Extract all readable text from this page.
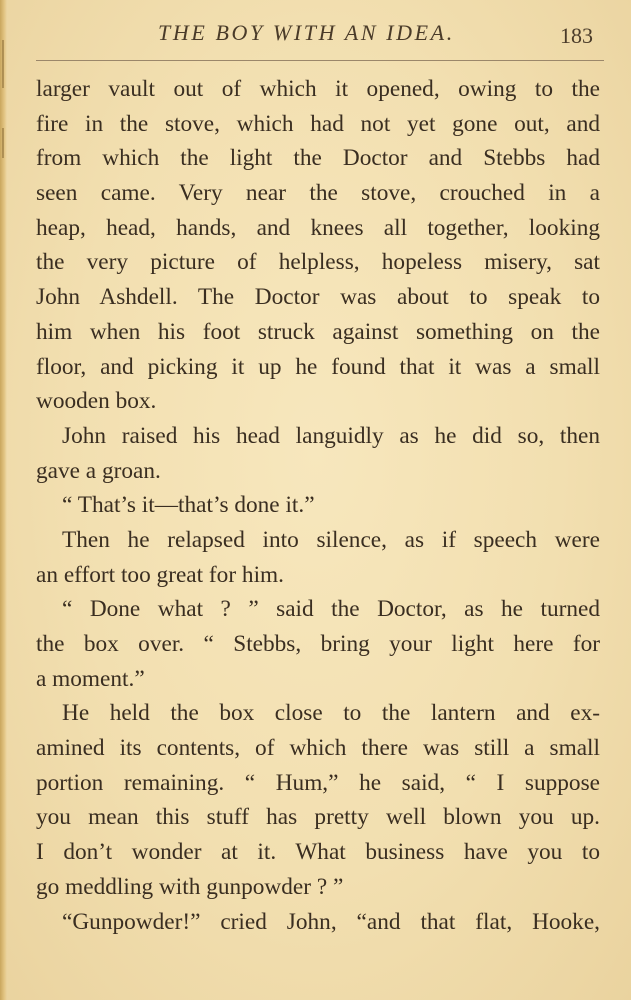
THE BOY WITH AN IDEA.	183
larger vault out of which it opened, owing to the
fire in the stove, which had not yet gone out, and
from which the light the Doctor and Stebbs had
seen came. Very near the stove, crouched in a
heap, head, hands, and knees all together, looking
the very picture of helpless, hopeless misery, sat
John Ashdell. The Doctor was about to speak to
him when his foot struck against something on the
floor, and picking it up he found that it was a small
wooden box.
John raised his head languidly as he did so, then
gave a groan.
“ That’s it—that’s done it.”
Then he relapsed into silence, as if speech were
an effort too great for him.
“ Done what ? ” said the Doctor, as he turned
the box over. “ Stebbs, bring your light here for
a moment.”
He held the box close to the lantern and ex-
amined its contents, of which there was still a small
portion remaining. “ Hum,” he said, “ I suppose
you mean this stuff has pretty well blown you up.
I don’t wonder at it. What business have you to
go meddling with gunpowder ? ”
“Gunpowder!” cried John, “and that flat, Hooke,
